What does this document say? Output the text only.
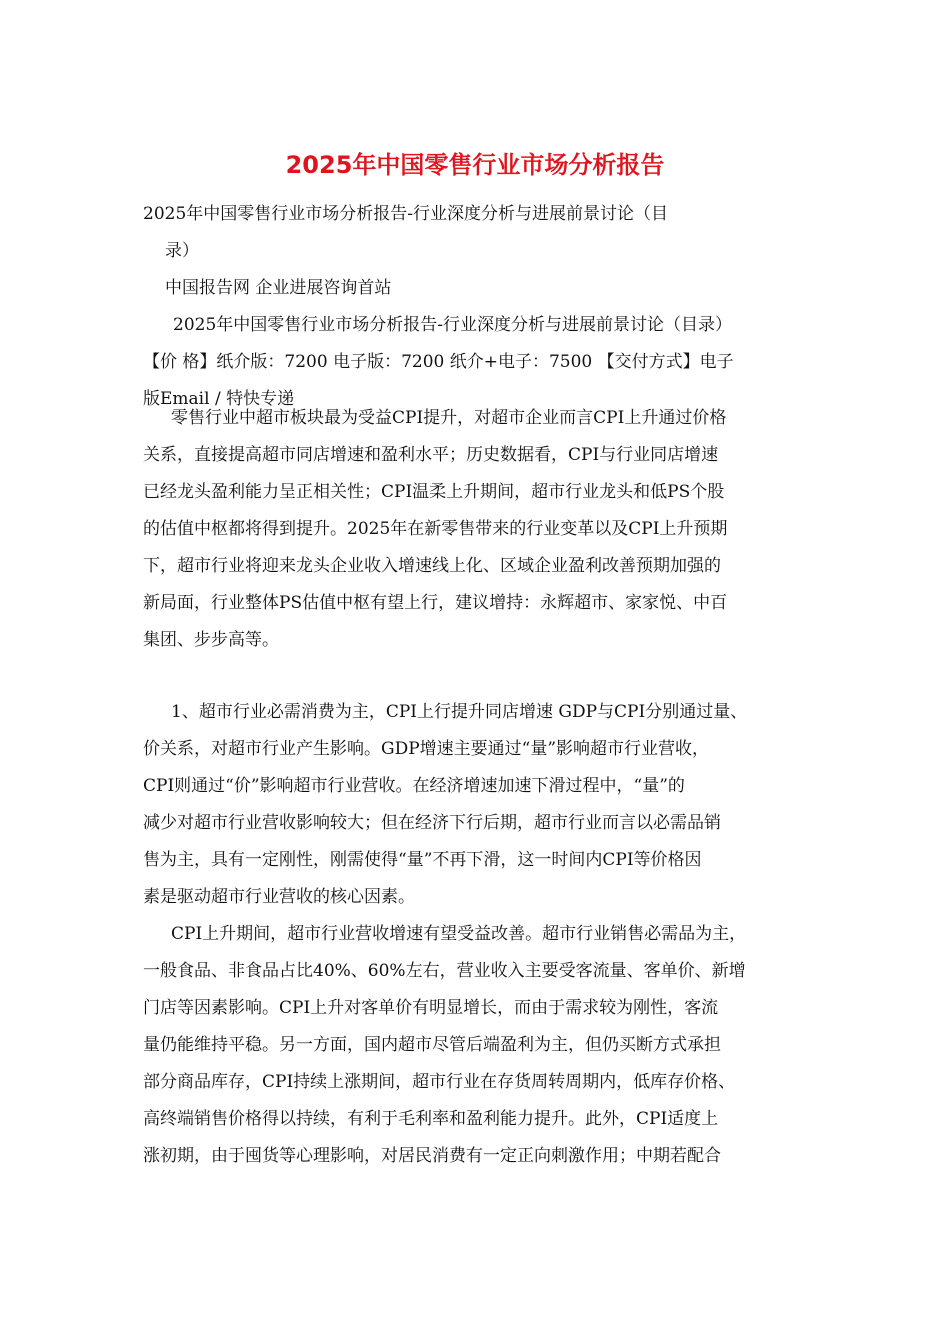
2025年中国零售行业市场分析报告
2025年中国零售行业市场分析报告-行业深度分析与进展前景讨论（目
录）
中国报告网 企业进展咨询首站
2025年中国零售行业市场分析报告-行业深度分析与进展前景讨论（目录）
【价 格】纸介版：7200 电子版：7200 纸介+电子：7500 【交付方式】电子
版Email / 特快专递
零售行业中超市板块最为受益CPI提升，对超市企业而言CPI上升通过价格
关系，直接提高超市同店增速和盈利水平；历史数据看，CPI与行业同店增速
已经龙头盈利能力呈正相关性；CPI温柔上升期间，超市行业龙头和低PS个股
的估值中枢都将得到提升。2025年在新零售带来的行业变革以及CPI上升预期
下，超市行业将迎来龙头企业收入增速线上化、区域企业盈利改善预期加强的
新局面，行业整体PS估值中枢有望上行，建议增持：永辉超市、家家悦、中百
集团、步步高等。
1、超市行业必需消费为主，CPI上行提升同店增速 GDP与CPI分别通过量、
价关系，对超市行业产生影响。GDP增速主要通过“量”影响超市行业营收，
CPI则通过“价”影响超市行业营收。在经济增速加速下滑过程中，“量”的
减少对超市行业营收影响较大；但在经济下行后期，超市行业而言以必需品销
售为主，具有一定刚性，刚需使得“量”不再下滑，这一时间内CPI等价格因
素是驱动超市行业营收的核心因素。
CPI上升期间，超市行业营收增速有望受益改善。超市行业销售必需品为主，
一般食品、非食品占比40%、60%左右，营业收入主要受客流量、客单价、新增
门店等因素影响。CPI上升对客单价有明显增长，而由于需求较为刚性，客流
量仍能维持平稳。另一方面，国内超市尽管后端盈利为主，但仍买断方式承担
部分商品库存，CPI持续上涨期间，超市行业在存货周转周期内，低库存价格、
高终端销售价格得以持续，有利于毛利率和盈利能力提升。此外，CPI适度上
涨初期，由于囤货等心理影响，对居民消费有一定正向刺激作用；中期若配合
